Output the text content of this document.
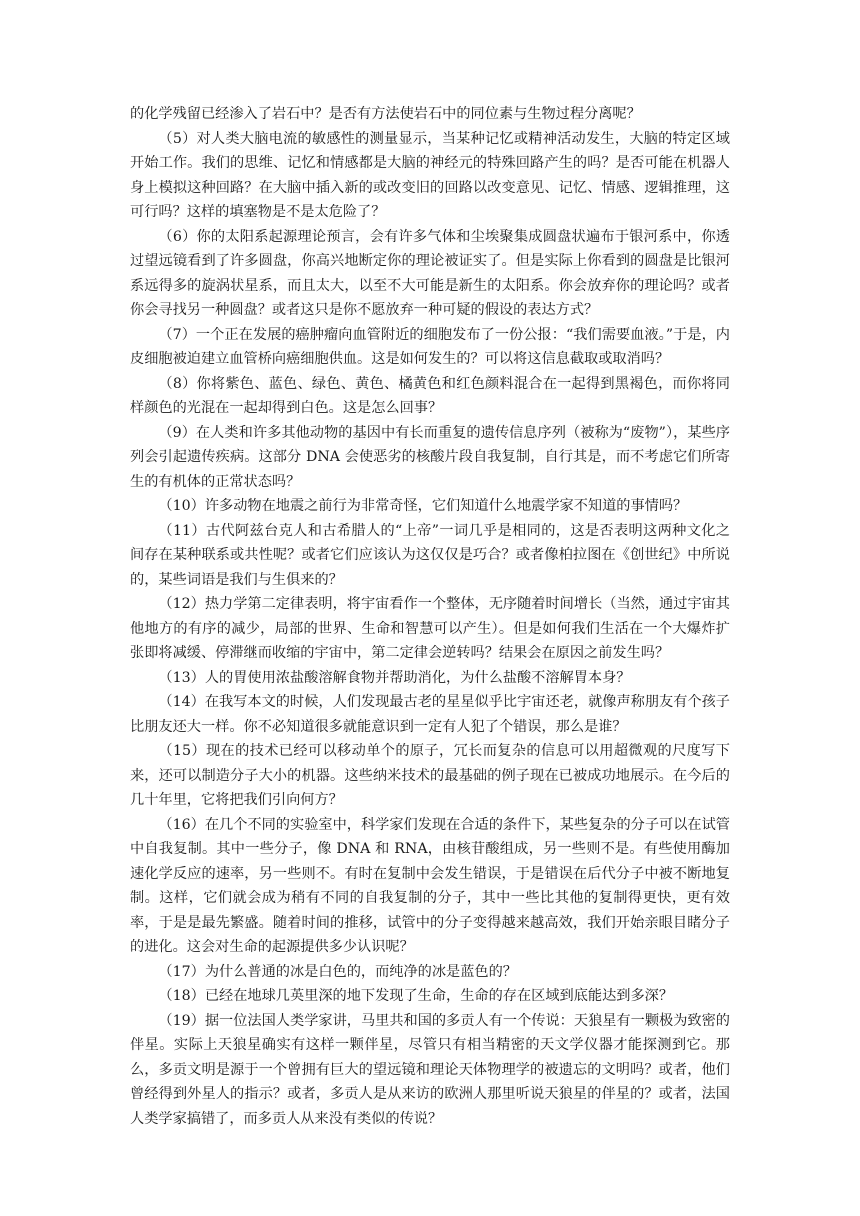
的化学残留已经渗入了岩石中？是否有方法使岩石中的同位素与生物过程分离呢？

（5）对人类大脑电流的敏感性的测量显示，当某种记忆或精神活动发生，大脑的特定区域开始工作。我们的思维、记忆和情感都是大脑的神经元的特殊回路产生的吗？是否可能在机器人身上模拟这种回路？在大脑中插入新的或改变旧的回路以改变意见、记忆、情感、逻辑推理，这可行吗？这样的填塞物是不是太危险了？

（6）你的太阳系起源理论预言，会有许多气体和尘埃聚集成圆盘状遍布于银河系中，你透过望远镜看到了许多圆盘，你高兴地断定你的理论被证实了。但是实际上你看到的圆盘是比银河系远得多的旋涡状星系，而且太大，以至不大可能是新生的太阳系。你会放弃你的理论吗？或者你会寻找另一种圆盘？或者这只是你不愿放弃一种可疑的假设的表达方式？

（7）一个正在发展的癌肿瘤向血管附近的细胞发布了一份公报：“我们需要血液。”于是，内皮细胞被迫建立血管桥向癌细胞供血。这是如何发生的？可以将这信息截取或取消吗？

（8）你将紫色、蓝色、绿色、黄色、橘黄色和红色颜料混合在一起得到黑褐色，而你将同样颜色的光混在一起却得到白色。这是怎么回事？

（9）在人类和许多其他动物的基因中有长而重复的遗传信息序列（被称为“废物”），某些序列会引起遗传疾病。这部分 DNA 会使恶劣的核酸片段自我复制，自行其是，而不考虑它们所寄生的有机体的正常状态吗？

（10）许多动物在地震之前行为非常奇怪，它们知道什么地震学家不知道的事情吗？

（11）古代阿兹台克人和古希腊人的“上帝”一词几乎是相同的，这是否表明这两种文化之间存在某种联系或共性呢？或者它们应该认为这仅仅是巧合？或者像柏拉图在《创世纪》中所说的，某些词语是我们与生俱来的？

（12）热力学第二定律表明，将宇宙看作一个整体，无序随着时间增长（当然，通过宇宙其他地方的有序的减少，局部的世界、生命和智慧可以产生）。但是如何我们生活在一个大爆炸扩张即将减缓、停滞继而收缩的宇宙中，第二定律会逆转吗？结果会在原因之前发生吗？

（13）人的胃使用浓盐酸溶解食物并帮助消化，为什么盐酸不溶解胃本身？

（14）在我写本文的时候，人们发现最古老的星星似乎比宇宙还老，就像声称朋友有个孩子比朋友还大一样。你不必知道很多就能意识到一定有人犯了个错误，那么是谁？

（15）现在的技术已经可以移动单个的原子，冗长而复杂的信息可以用超微观的尺度写下来，还可以制造分子大小的机器。这些纳米技术的最基础的例子现在已被成功地展示。在今后的几十年里，它将把我们引向何方？

（16）在几个不同的实验室中，科学家们发现在合适的条件下，某些复杂的分子可以在试管中自我复制。其中一些分子，像 DNA 和 RNA，由核苷酸组成，另一些则不是。有些使用酶加速化学反应的速率，另一些则不。有时在复制中会发生错误，于是错误在后代分子中被不断地复制。这样，它们就会成为稍有不同的自我复制的分子，其中一些比其他的复制得更快，更有效率，于是是最先繁盛。随着时间的推移，试管中的分子变得越来越高效，我们开始亲眼目睹分子的进化。这会对生命的起源提供多少认识呢？

（17）为什么普通的冰是白色的，而纯净的冰是蓝色的？

（18）已经在地球几英里深的地下发现了生命，生命的存在区域到底能达到多深？

（19）据一位法国人类学家讲，马里共和国的多贡人有一个传说：天狼星有一颗极为致密的伴星。实际上天狼星确实有这样一颗伴星，尽管只有相当精密的天文学仪器才能探测到它。那么，多贡文明是源于一个曾拥有巨大的望远镜和理论天体物理学的被遗忘的文明吗？或者，他们曾经得到外星人的指示？或者，多贡人是从来访的欧洲人那里听说天狼星的伴星的？或者，法国人类学家搞错了，而多贡人从来没有类似的传说？
